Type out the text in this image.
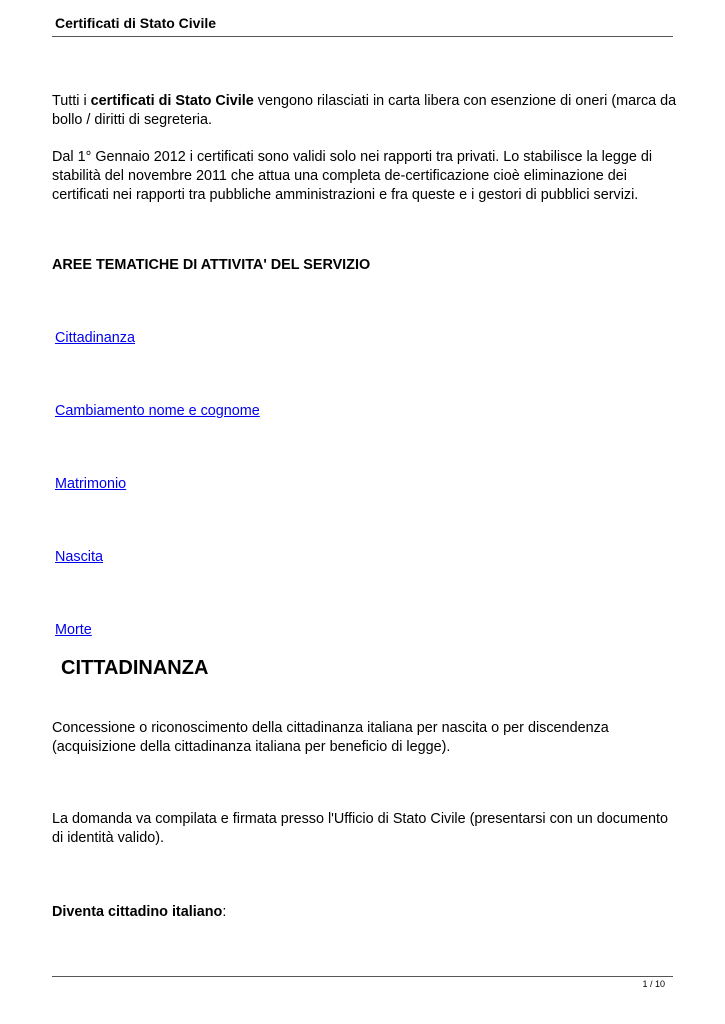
Certificati di Stato Civile

Tutti i certificati di Stato Civile vengono rilasciati in carta libera con esenzione di oneri (marca da bollo / diritti di segreteria.

Dal 1° Gennaio 2012 i certificati sono validi solo nei rapporti tra privati. Lo stabilisce la legge di stabilità del novembre 2011 che attua una completa de-certificazione cioè eliminazione dei certificati nei rapporti tra pubbliche amministrazioni e fra queste e i gestori di pubblici servizi.

AREE TEMATICHE DI ATTIVITA' DEL SERVIZIO
Cittadinanza
Cambiamento nome e cognome
Matrimonio
Nascita
Morte
CITTADINANZA

Concessione o riconoscimento della cittadinanza italiana per nascita o per discendenza (acquisizione della cittadinanza italiana per beneficio di legge).

La domanda va compilata e firmata presso l'Ufficio di Stato Civile (presentarsi con un documento di identità valido).

Diventa cittadino italiano:

1 / 10
